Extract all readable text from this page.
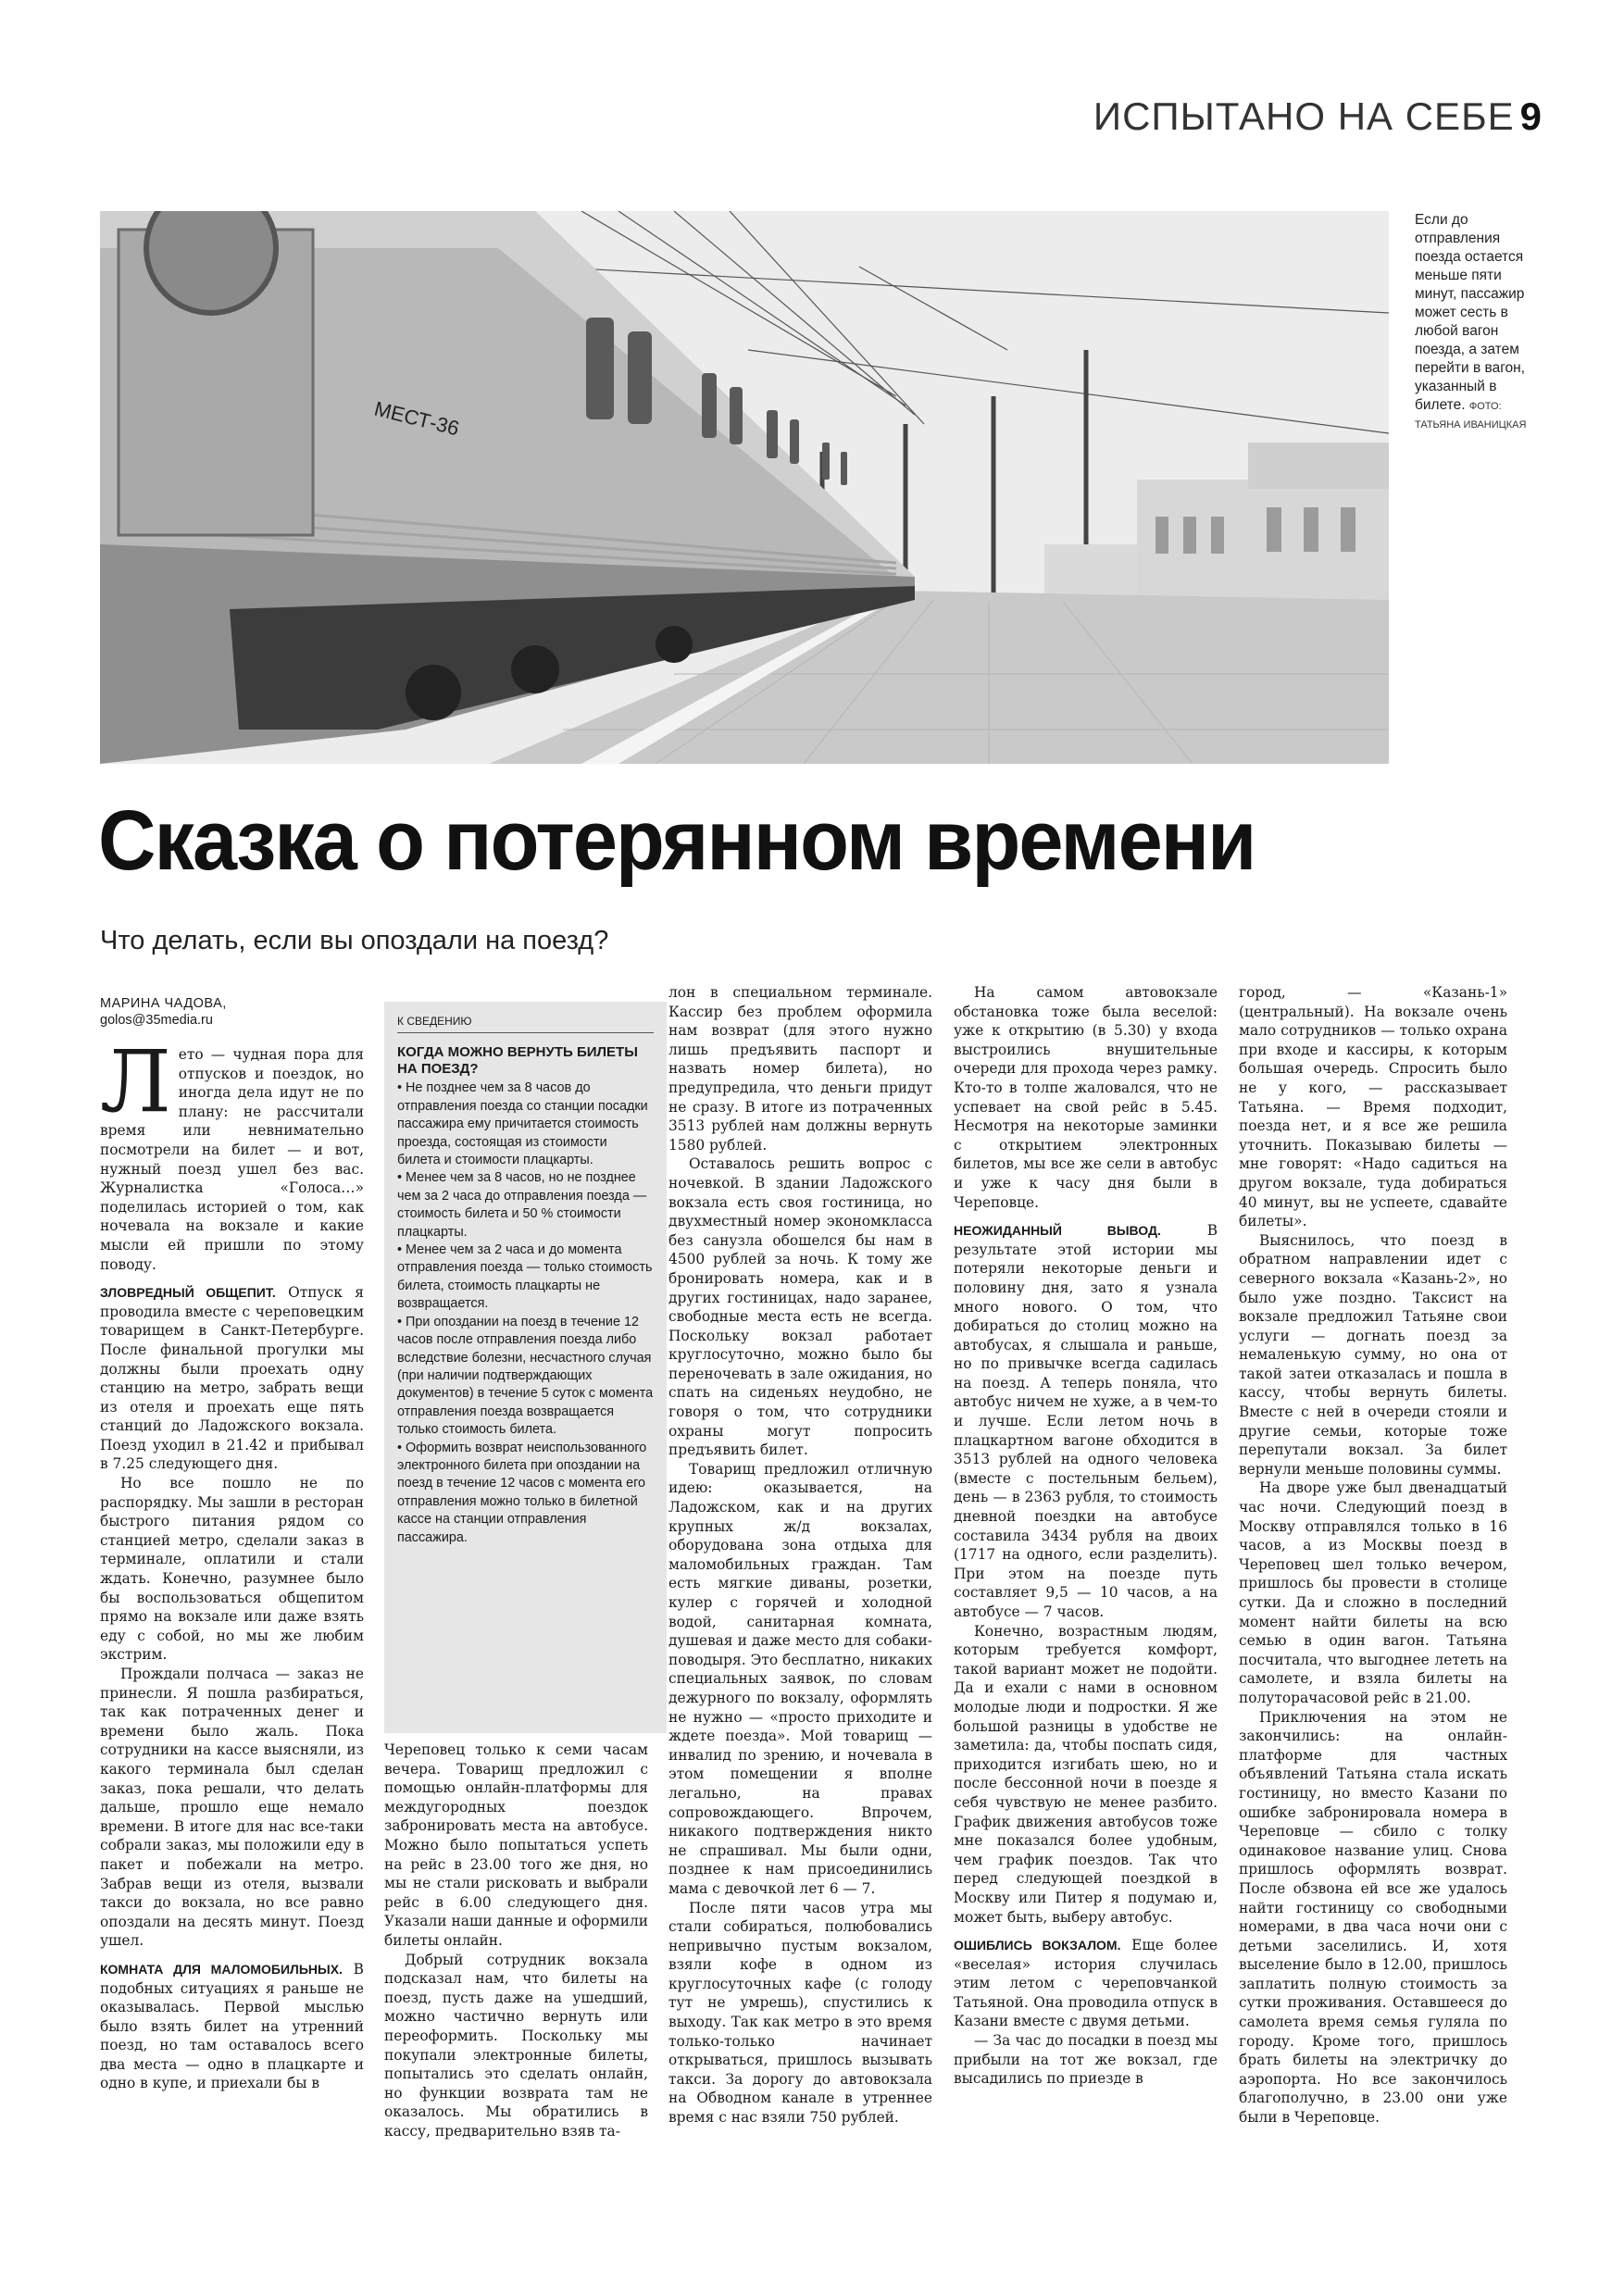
ИСПЫТАНО НА СЕБЕ 9
МЕСТ-36
Если до отправления поезда остается меньше пяти минут, пассажир может сесть в любой вагон поезда, а затем перейти в вагон, указанный в билете. ФОТО: ТАТЬЯНА ИВАНИЦКАЯ
Сказка о потерянном времени
Что делать, если вы опоздали на поезд?
МАРИНА ЧАДОВА,
golos@35media.ru

Лето — чудная пора для отпусков и поездок, но иногда дела идут не по плану: не рассчитали время или невнимательно посмотрели на билет — и вот, нужный поезд ушел без вас. Журналистка «Голоса…» поделилась историей о том, как ночевала на вокзале и какие мысли ей пришли по этому поводу.

ЗЛОВРЕДНЫЙ ОБЩЕПИТ. Отпуск я проводила вместе с череповецким товарищем в Санкт-Петербурге. После финальной прогулки мы должны были проехать одну станцию на метро, забрать вещи из отеля и проехать еще пять станций до Ладожского вокзала. Поезд уходил в 21.42 и прибывал в 7.25 следующего дня.

Но все пошло не по распорядку. Мы зашли в ресторан быстрого питания рядом со станцией метро, сделали заказ в терминале, оплатили и стали ждать. Конечно, разумнее было бы воспользоваться общепитом прямо на вокзале или даже взять еду с собой, но мы же любим экстрим.

Прождали полчаса — заказ не принесли. Я пошла разбираться, так как потраченных денег и времени было жаль. Пока сотрудники на кассе выясняли, из какого терминала был сделан заказ, пока решали, что делать дальше, прошло еще немало времени. В итоге для нас все-таки собрали заказ, мы положили еду в пакет и побежали на метро. Забрав вещи из отеля, вызвали такси до вокзала, но все равно опоздали на десять минут. Поезд ушел.

КОМНАТА ДЛЯ МАЛОМОБИЛЬНЫХ. В подобных ситуациях я раньше не оказывалась. Первой мыслью было взять билет на утренний поезд, но там оставалось всего два места — одно в плацкарте и одно в купе, и приехали бы в

К СВЕДЕНИЮ
КОГДА МОЖНО ВЕРНУТЬ БИЛЕТЫ НА ПОЕЗД?

• Не позднее чем за 8 часов до отправления поезда со станции посадки пассажира ему причитается стоимость проезда, состоящая из стоимости билета и стоимости плацкарты.

• Менее чем за 8 часов, но не позднее чем за 2 часа до отправления поезда — стоимость билета и 50 % стоимости плацкарты.

• Менее чем за 2 часа и до момента отправления поезда — только стоимость билета, стоимость плацкарты не возвращается.

• При опоздании на поезд в течение 12 часов после отправления поезда либо вследствие болезни, несчастного случая (при наличии подтверждающих документов) в течение 5 суток с момента отправления поезда возвращается только стоимость билета.

• Оформить возврат неиспользованного электронного билета при опоздании на поезд в течение 12 часов с момента его отправления можно только в билетной кассе на станции отправления пассажира.

Череповец только к семи часам вечера. Товарищ предложил с помощью онлайн-платформы для междугородных поездок забронировать места на автобусе. Можно было попытаться успеть на рейс в 23.00 того же дня, но мы не стали рисковать и выбрали рейс в 6.00 следующего дня. Указали наши данные и оформили билеты онлайн.

Добрый сотрудник вокзала подсказал нам, что билеты на поезд, пусть даже на ушедший, можно частично вернуть или переоформить. Поскольку мы покупали электронные билеты, попытались это сделать онлайн, но функции возврата там не оказалось. Мы обратились в кассу, предварительно взяв та-

лон в специальном терминале. Кассир без проблем оформила нам возврат (для этого нужно лишь предъявить паспорт и назвать номер билета), но предупредила, что деньги придут не сразу. В итоге из потраченных 3513 рублей нам должны вернуть 1580 рублей.

Оставалось решить вопрос с ночевкой. В здании Ладожского вокзала есть своя гостиница, но двухместный номер экономкласса без санузла обошелся бы нам в 4500 рублей за ночь. К тому же бронировать номера, как и в других гостиницах, надо заранее, свободные места есть не всегда. Поскольку вокзал работает круглосуточно, можно было бы переночевать в зале ожидания, но спать на сиденьях неудобно, не говоря о том, что сотрудники охраны могут попросить предъявить билет.

Товарищ предложил отличную идею: оказывается, на Ладожском, как и на других крупных ж/д вокзалах, оборудована зона отдыха для маломобильных граждан. Там есть мягкие диваны, розетки, кулер с горячей и холодной водой, санитарная комната, душевая и даже место для собаки-поводыря. Это бесплатно, никаких специальных заявок, по словам дежурного по вокзалу, оформлять не нужно — «просто приходите и ждете поезда». Мой товарищ — инвалид по зрению, и ночевала в этом помещении я вполне легально, на правах сопровождающего. Впрочем, никакого подтверждения никто не спрашивал. Мы были одни, позднее к нам присоединились мама с девочкой лет 6 — 7.

После пяти часов утра мы стали собираться, полюбовались непривычно пустым вокзалом, взяли кофе в одном из круглосуточных кафе (с голоду тут не умрешь), спустились к выходу. Так как метро в это время только-только начинает открываться, пришлось вызывать такси. За дорогу до автовокзала на Обводном канале в утреннее время с нас взяли 750 рублей.

На самом автовокзале обстановка тоже была веселой: уже к открытию (в 5.30) у входа выстроились внушительные очереди для прохода через рамку. Кто-то в толпе жаловался, что не успевает на свой рейс в 5.45. Несмотря на некоторые заминки с открытием электронных билетов, мы все же сели в автобус и уже к часу дня были в Череповце.

НЕОЖИДАННЫЙ ВЫВОД.	В результате этой истории мы потеряли некоторые деньги и половину дня, зато я узнала много нового. О том, что добираться до столиц можно на автобусах, я слышала и раньше, но по привычке всегда садилась на поезд. А теперь поняла, что автобус ничем не хуже, а в чем-то и лучше. Если летом ночь в плацкартном вагоне обходится в 3513 рублей на одного человека (вместе с постельным бельем), день — в 2363 рубля, то стоимость дневной поездки на автобусе составила 3434 рубля на двоих (1717 на одного, если разделить). При этом на поезде путь составляет 9,5 — 10 часов, а на автобусе — 7 часов.

Конечно, возрастным людям, которым требуется комфорт, такой вариант может не подойти. Да и ехали с нами в основном молодые люди и подростки. Я же большой разницы в удобстве не заметила: да, чтобы поспать сидя, приходится изгибать шею, но и после бессонной ночи в поезде я себя чувствую не менее разбито. График движения автобусов тоже мне показался более удобным, чем график поездов. Так что перед следующей поездкой в Москву или Питер я подумаю и, может быть, выберу автобус.

ОШИБЛИСЬ ВОКЗАЛОМ. Еще более «веселая» история случилась этим летом с череповчанкой Татьяной. Она проводила отпуск в Казани вместе с двумя детьми.

— За час до посадки в поезд мы прибыли на тот же вокзал, где высадились по приезде в

город, — «Казань-1» (центральный). На вокзале очень мало сотрудников — только охрана при входе и кассиры, к которым большая очередь. Спросить было не у кого, — рассказывает Татьяна. — Время подходит, поезда нет, и я все же решила уточнить. Показываю билеты — мне говорят: «Надо садиться на другом вокзале, туда добираться 40 минут, вы не успеете, сдавайте билеты».

Выяснилось, что поезд в обратном направлении идет с северного вокзала «Казань-2», но было уже поздно. Таксист на вокзале предложил Татьяне свои услуги — догнать поезд за немаленькую сумму, но она от такой затеи отказалась и пошла в кассу, чтобы вернуть билеты. Вместе с ней в очереди стояли и другие семьи, которые тоже перепутали вокзал. За билет вернули меньше половины суммы.

На дворе уже был двенадцатый час ночи. Следующий поезд в Москву отправлялся только в 16 часов, а из Москвы поезд в Череповец шел только вечером, пришлось бы провести в столице сутки. Да и сложно в последний момент найти билеты на всю семью в один вагон. Татьяна посчитала, что выгоднее лететь на самолете, и взяла билеты на полуторачасовой рейс в 21.00.

Приключения на этом не закончились: на онлайн-платформе для частных объявлений Татьяна стала искать гостиницу, но вместо Казани по ошибке забронировала номера в Череповце — сбило с толку одинаковое название улиц. Снова пришлось оформлять возврат. После обзвона ей все же удалось найти гостиницу со свободными номерами, в два часа ночи они с детьми заселились. И, хотя выселение было в 12.00, пришлось заплатить полную стоимость за сутки проживания. Оставшееся до самолета время семья гуляла по городу. Кроме того, пришлось брать билеты на электричку до аэропорта. Но все закончилось благополучно, в 23.00 они уже были в Череповце.
